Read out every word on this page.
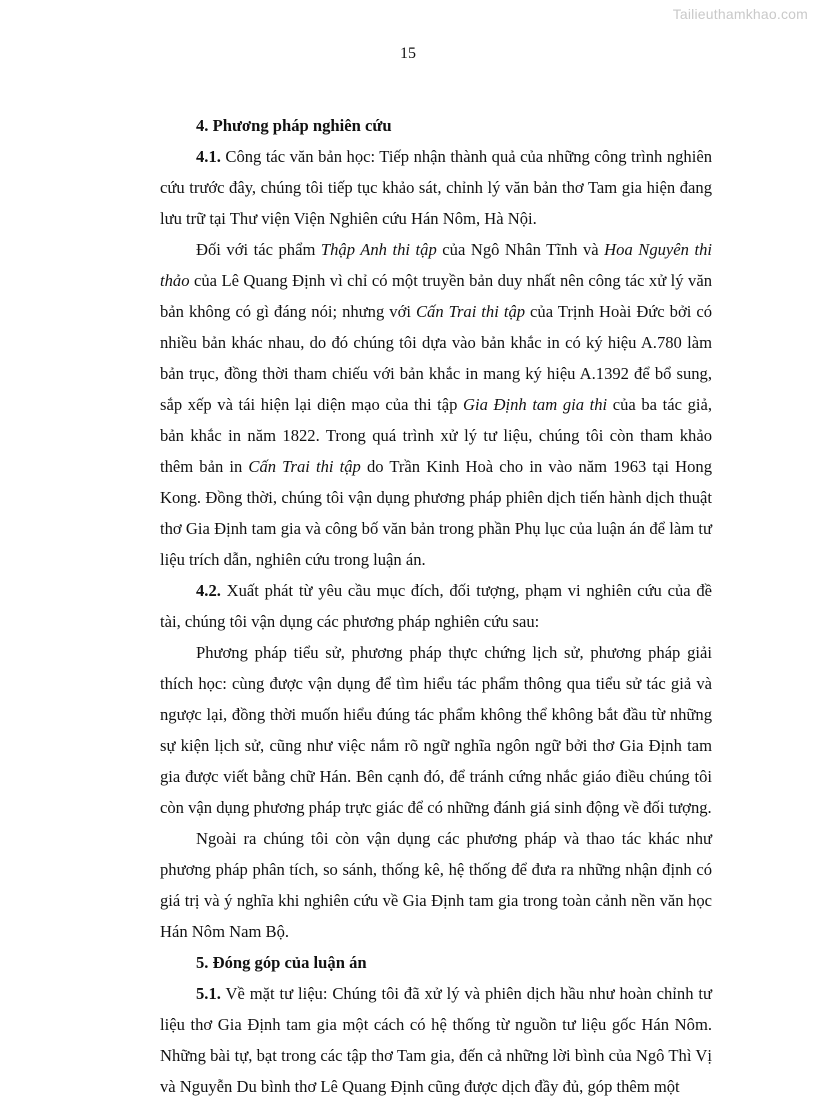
Tailieuthamkhao.com
15

4. Phương pháp nghiên cứu

4.1. Công tác văn bản học: Tiếp nhận thành quả của những công trình nghiên cứu trước đây, chúng tôi tiếp tục khảo sát, chỉnh lý văn bản thơ Tam gia hiện đang lưu trữ tại Thư viện Viện Nghiên cứu Hán Nôm, Hà Nội.

Đối với tác phẩm Thập Anh thi tập của Ngô Nhân Tĩnh và Hoa Nguyên thi thảo của Lê Quang Định vì chỉ có một truyền bản duy nhất nên công tác xử lý văn bản không có gì đáng nói; nhưng với Cấn Trai thi tập của Trịnh Hoài Đức bởi có nhiều bản khác nhau, do đó chúng tôi dựa vào bản khắc in có ký hiệu A.780 làm bản trục, đồng thời tham chiếu với bản khắc in mang ký hiệu A.1392 để bổ sung, sắp xếp và tái hiện lại diện mạo của thi tập Gia Định tam gia thi của ba tác giả, bản khắc in năm 1822. Trong quá trình xử lý tư liệu, chúng tôi còn tham khảo thêm bản in Cấn Trai thi tập do Trần Kinh Hoà cho in vào năm 1963 tại Hong Kong. Đồng thời, chúng tôi vận dụng phương pháp phiên dịch tiến hành dịch thuật thơ Gia Định tam gia và công bố văn bản trong phần Phụ lục của luận án để làm tư liệu trích dẫn, nghiên cứu trong luận án.

4.2. Xuất phát từ yêu cầu mục đích, đối tượng, phạm vi nghiên cứu của đề tài, chúng tôi vận dụng các phương pháp nghiên cứu sau:

Phương pháp tiểu sử, phương pháp thực chứng lịch sử, phương pháp giải thích học: cùng được vận dụng để tìm hiểu tác phẩm thông qua tiểu sử tác giả và ngược lại, đồng thời muốn hiểu đúng tác phẩm không thể không bắt đầu từ những sự kiện lịch sử, cũng như việc nắm rõ ngữ nghĩa ngôn ngữ bởi thơ Gia Định tam gia được viết bằng chữ Hán. Bên cạnh đó, để tránh cứng nhắc giáo điều chúng tôi còn vận dụng phương pháp trực giác để có những đánh giá sinh động về đối tượng.

Ngoài ra chúng tôi còn vận dụng các phương pháp và thao tác khác như phương pháp phân tích, so sánh, thống kê, hệ thống để đưa ra những nhận định có giá trị và ý nghĩa khi nghiên cứu về Gia Định tam gia trong toàn cảnh nền văn học Hán Nôm Nam Bộ.

5. Đóng góp của luận án

5.1. Về mặt tư liệu: Chúng tôi đã xử lý và phiên dịch hầu như hoàn chỉnh tư liệu thơ Gia Định tam gia một cách có hệ thống từ nguồn tư liệu gốc Hán Nôm. Những bài tự, bạt trong các tập thơ Tam gia, đến cả những lời bình của Ngô Thì Vị và Nguyễn Du bình thơ Lê Quang Định cũng được dịch đầy đủ, góp thêm một
